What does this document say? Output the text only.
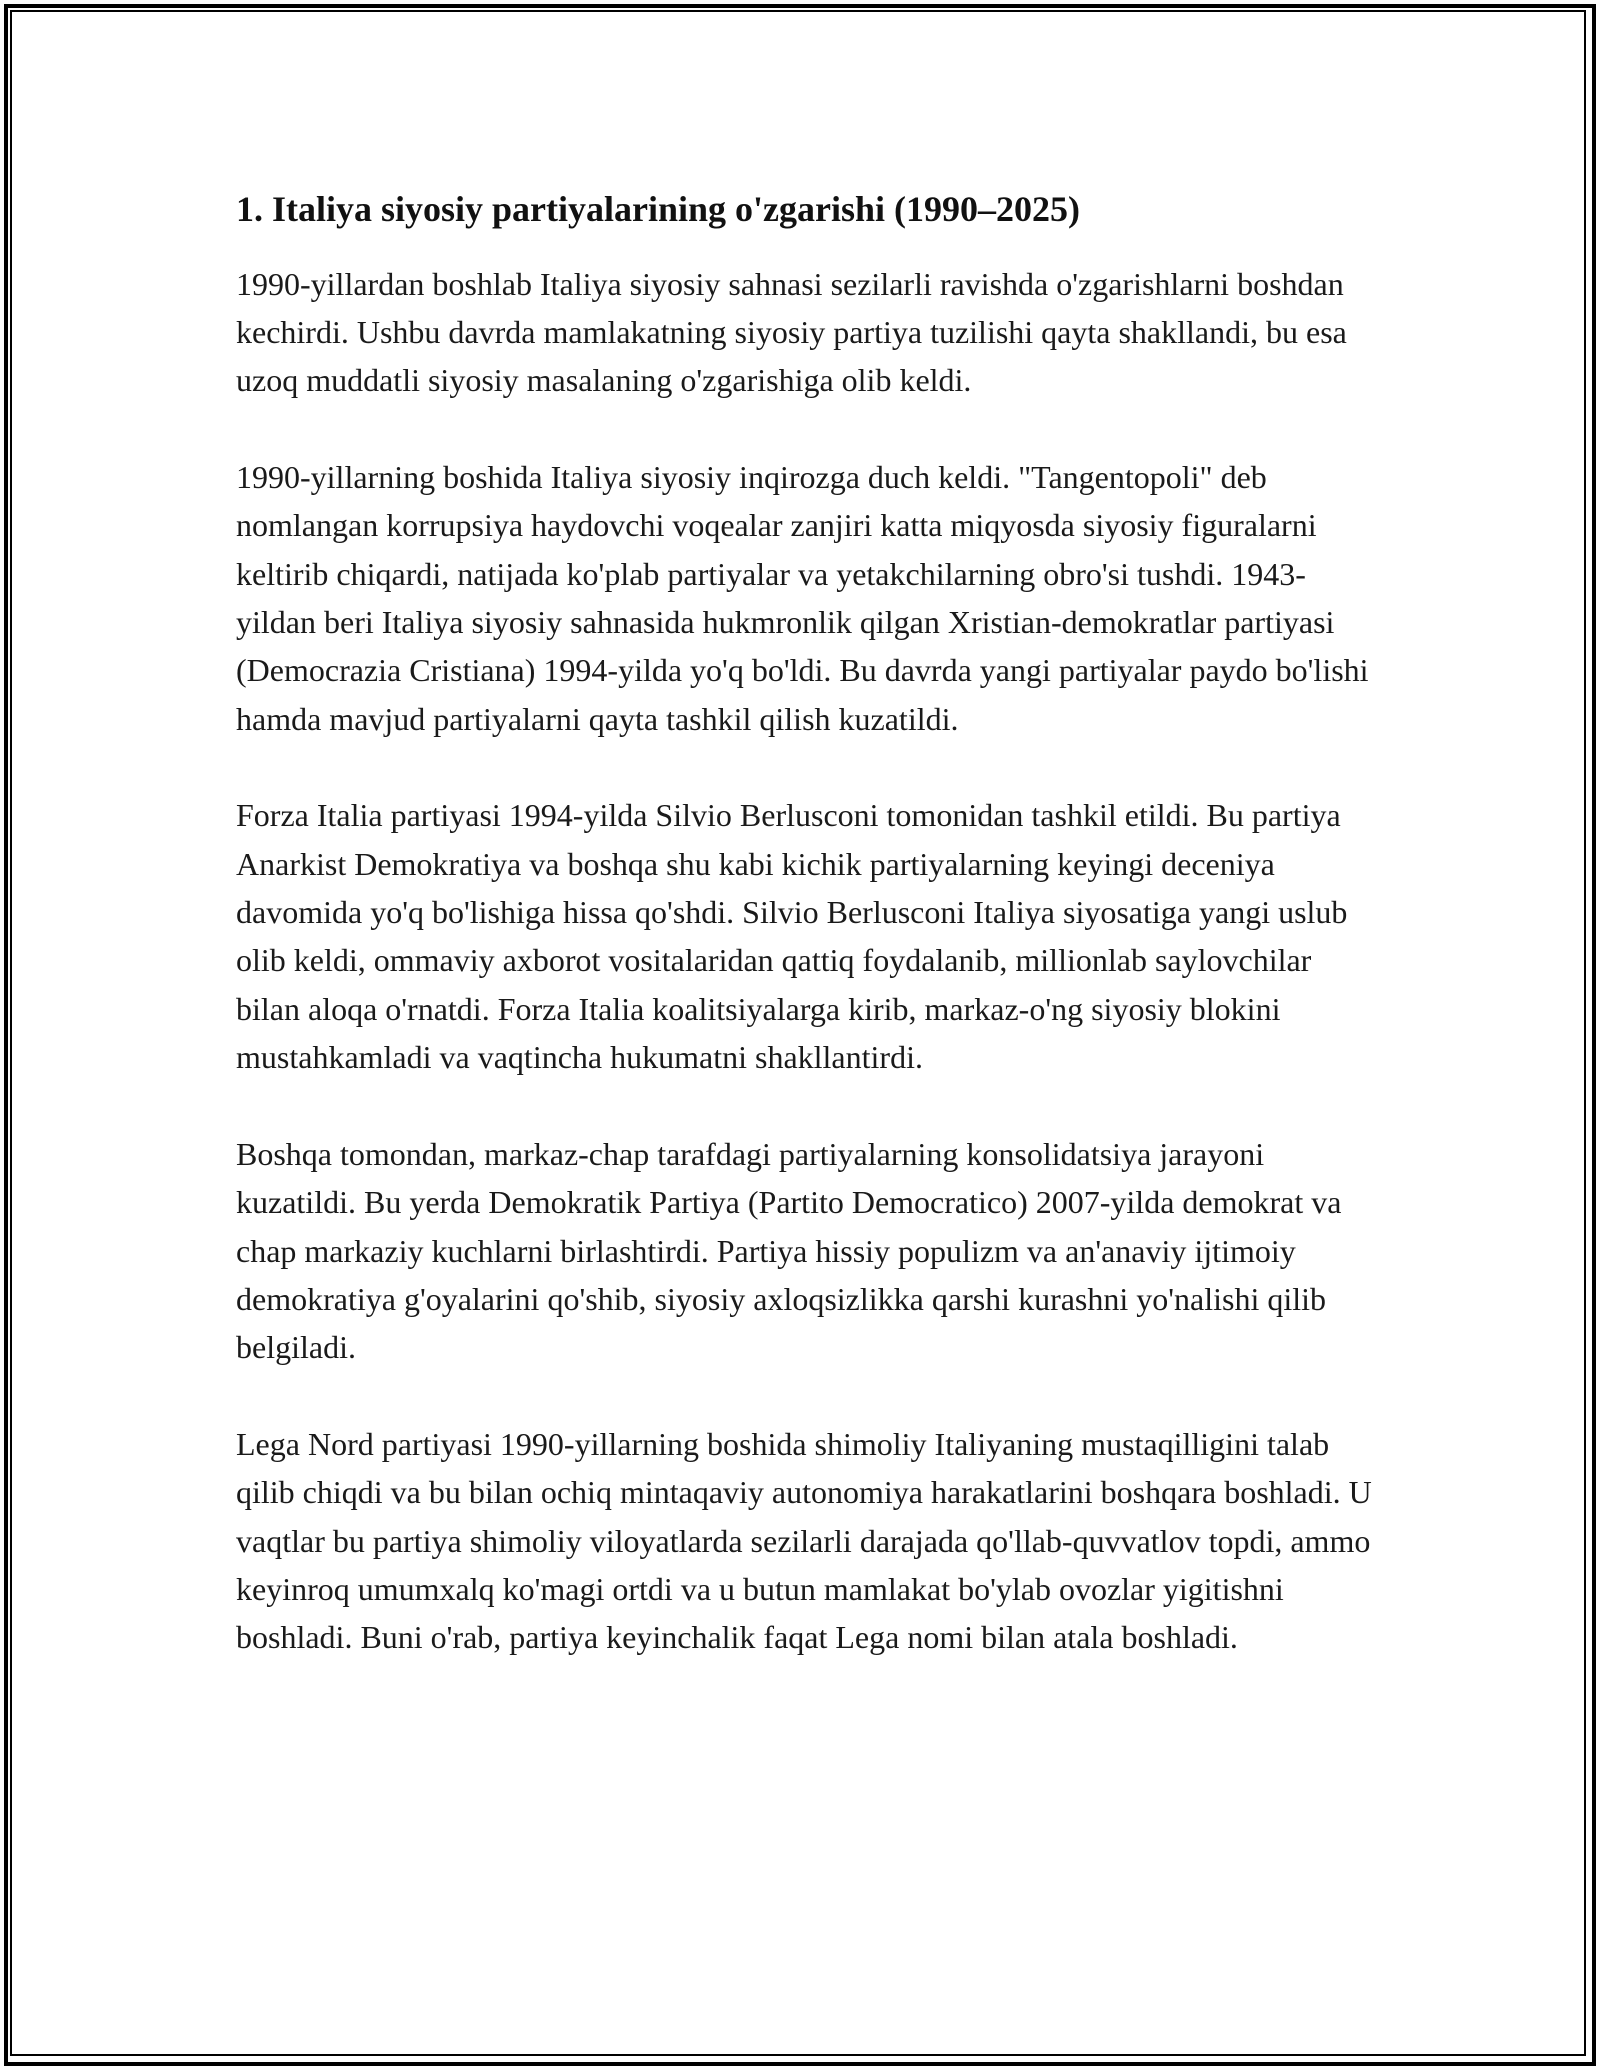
1. Italiya siyosiy partiyalarining o'zgarishi (1990–2025)

1990-yillardan boshlab Italiya siyosiy sahnasi sezilarli ravishda o'zgarishlarni boshdan kechirdi. Ushbu davrda mamlakatning siyosiy partiya tuzilishi qayta shakllandi, bu esa uzoq muddatli siyosiy masalaning o'zgarishiga olib keldi.

1990-yillarning boshida Italiya siyosiy inqirozga duch keldi. "Tangentopoli" deb nomlangan korrupsiya haydovchi voqealar zanjiri katta miqyosda siyosiy figuralarni keltirib chiqardi, natijada ko'plab partiyalar va yetakchilarning obro'si tushdi. 1943-yildan beri Italiya siyosiy sahnasida hukmronlik qilgan Xristian-demokratlar partiyasi (Democrazia Cristiana) 1994-yilda yo'q bo'ldi. Bu davrda yangi partiyalar paydo bo'lishi hamda mavjud partiyalarni qayta tashkil qilish kuzatildi.

Forza Italia partiyasi 1994-yilda Silvio Berlusconi tomonidan tashkil etildi. Bu partiya Anarkist Demokratiya va boshqa shu kabi kichik partiyalarning keyingi deceniya davomida yo'q bo'lishiga hissa qo'shdi. Silvio Berlusconi Italiya siyosatiga yangi uslub olib keldi, ommaviy axborot vositalaridan qattiq foydalanib, millionlab saylovchilar bilan aloqa o'rnatdi. Forza Italia koalitsiyalarga kirib, markaz-o'ng siyosiy blokini mustahkamladi va vaqtincha hukumatni shakllantirdi.

Boshqa tomondan, markaz-chap tarafdagi partiyalarning konsolidatsiya jarayoni kuzatildi. Bu yerda Demokratik Partiya (Partito Democratico) 2007-yilda demokrat va chap markaziy kuchlarni birlashtirdi. Partiya hissiy populizm va an'anaviy ijtimoiy demokratiya g'oyalarini qo'shib, siyosiy axloqsizlikka qarshi kurashni yo'nalishi qilib belgiladi.

Lega Nord partiyasi 1990-yillarning boshida shimoliy Italiyaning mustaqilligini talab qilib chiqdi va bu bilan ochiq mintaqaviy autonomiya harakatlarini boshqara boshladi. U vaqtlar bu partiya shimoliy viloyatlarda sezilarli darajada qo'llab-quvvatlov topdi, ammo keyinroq umumxalq ko'magi ortdi va u butun mamlakat bo'ylab ovozlar yigitishni boshladi. Buni o'rab, partiya keyinchalik faqat Lega nomi bilan atala boshladi.
